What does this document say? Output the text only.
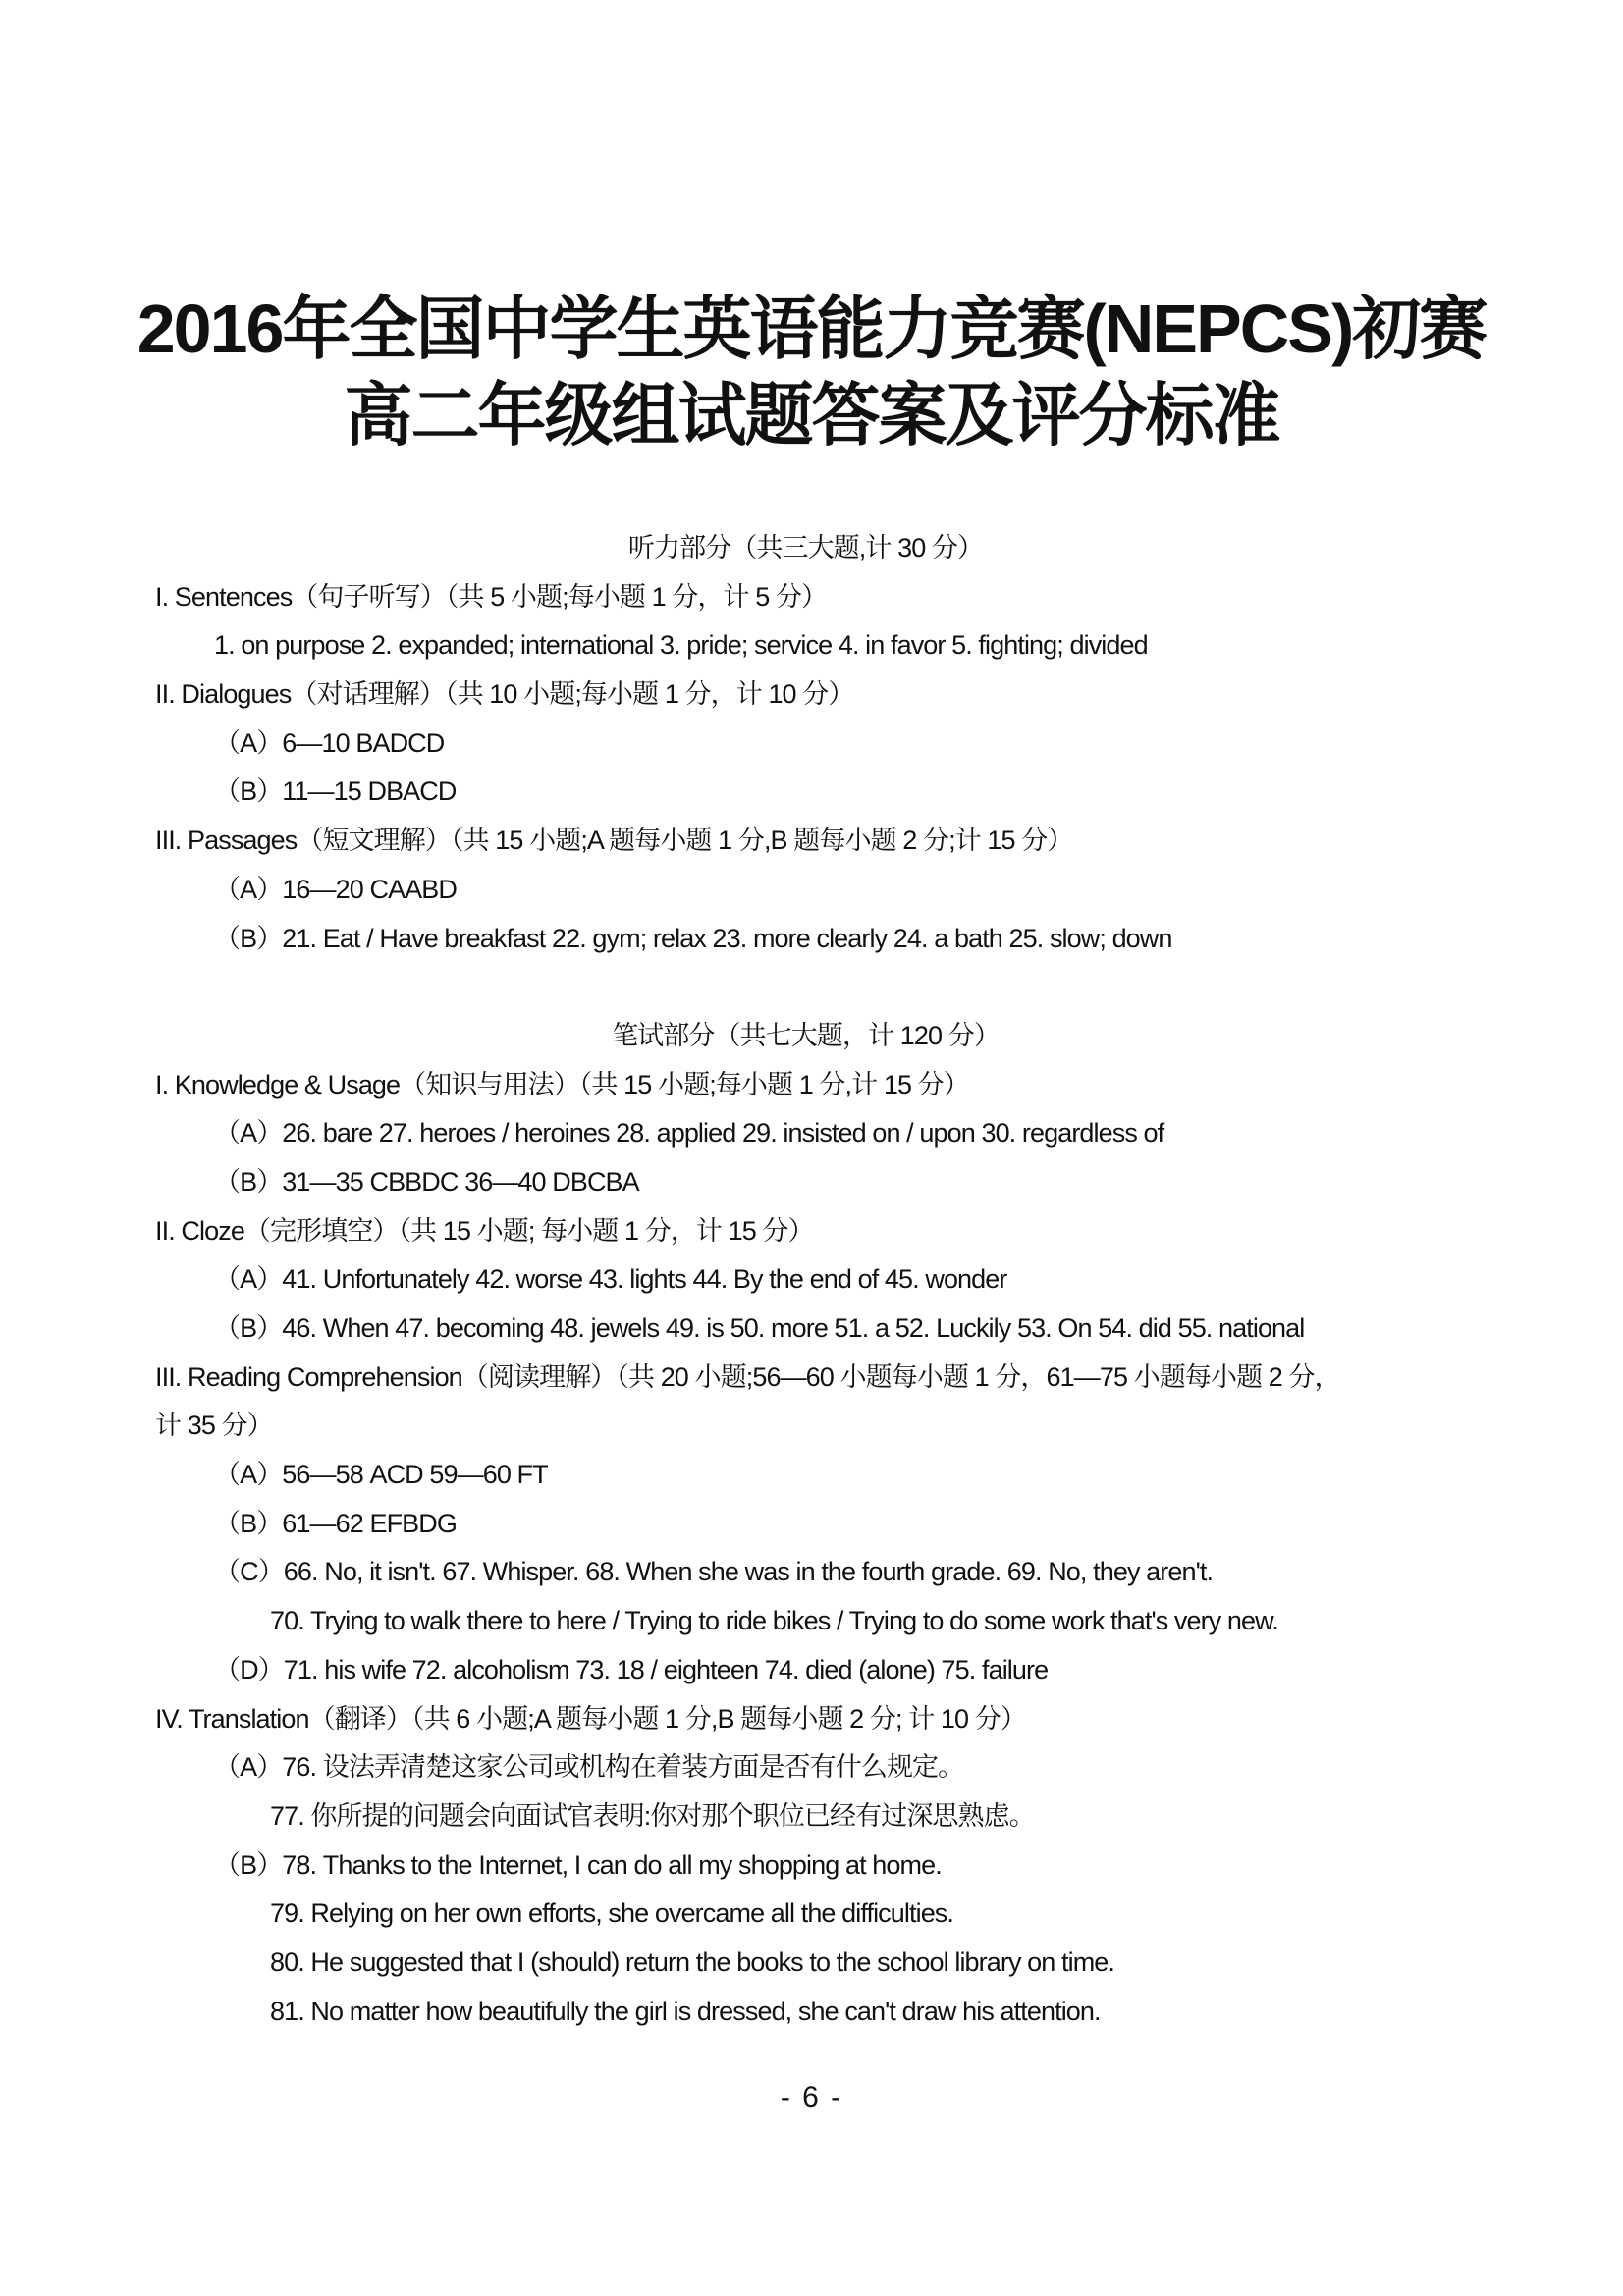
2016年全国中学生英语能力竞赛(NEPCS)初赛
高二年级组试题答案及评分标准
听力部分（共三大题,计 30 分）
I. Sentences（句子听写）（共 5 小题;每小题 1 分，计 5 分）
1. on purpose 2. expanded; international 3. pride; service 4. in favor 5. fighting; divided
II. Dialogues（对话理解）（共 10 小题;每小题 1 分，计 10 分）
（A）6—10 BADCD
（B）11—15 DBACD
III. Passages（短文理解）（共 15 小题;A 题每小题 1 分,B 题每小题 2 分;计 15 分）
（A）16—20 CAABD
（B）21. Eat / Have breakfast 22. gym; relax 23. more clearly 24. a bath 25. slow; down
笔试部分（共七大题，计 120 分）
I. Knowledge & Usage（知识与用法）（共 15 小题;每小题 1 分,计 15 分）
（A）26. bare 27. heroes / heroines 28. applied 29. insisted on / upon 30. regardless of
（B）31—35 CBBDC 36—40 DBCBA
II. Cloze（完形填空）（共 15 小题; 每小题 1 分，计 15 分）
（A）41. Unfortunately 42. worse 43. lights 44. By the end of 45. wonder
（B）46. When 47. becoming 48. jewels 49. is 50. more 51. a 52. Luckily 53. On 54. did 55. national
III. Reading Comprehension（阅读理解）（共 20 小题;56—60 小题每小题 1 分，61—75 小题每小题 2 分，
计 35 分）
（A）56—58 ACD 59—60 FT
（B）61—62 EFBDG
（C）66. No, it isn't. 67. Whisper. 68. When she was in the fourth grade. 69. No, they aren't.
70. Trying to walk there to here / Trying to ride bikes / Trying to do some work that's very new.
（D）71. his wife 72. alcoholism 73. 18 / eighteen 74. died (alone) 75. failure
IV. Translation（翻译）（共 6 小题;A 题每小题 1 分,B 题每小题 2 分; 计 10 分）
（A）76. 设法弄清楚这家公司或机构在着装方面是否有什么规定。
77. 你所提的问题会向面试官表明:你对那个职位已经有过深思熟虑。
（B）78. Thanks to the Internet, I can do all my shopping at home.
79. Relying on her own efforts, she overcame all the difficulties.
80. He suggested that I (should) return the books to the school library on time.
81. No matter how beautifully the girl is dressed, she can't draw his attention.
- 6 -
